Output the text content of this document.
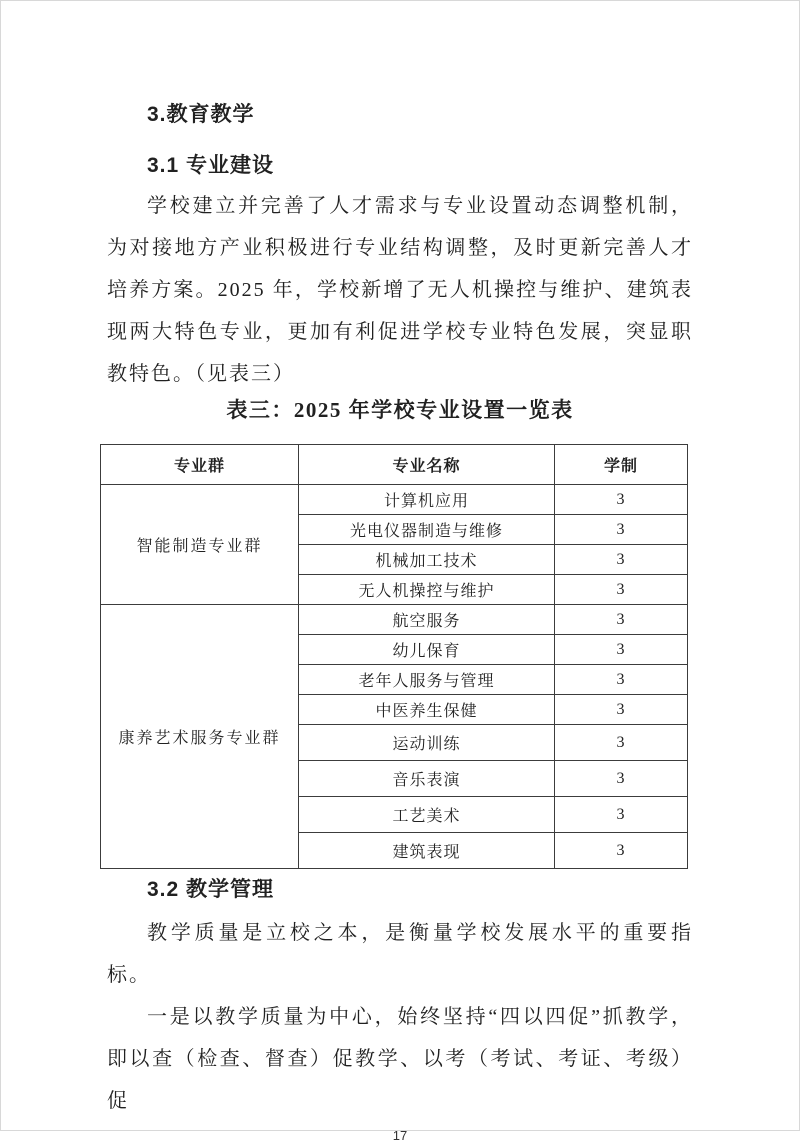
3.教育教学
3.1 专业建设

学校建立并完善了人才需求与专业设置动态调整机制，为对接地方产业积极进行专业结构调整，及时更新完善人才培养方案。2025 年，学校新增了无人机操控与维护、建筑表现两大特色专业，更加有利促进学校专业特色发展，突显职教特色。（见表三）

表三：2025 年学校专业设置一览表
专业群	专业名称	学制
智能制造专业群	计算机应用	3
	光电仪器制造与维修	3
	机械加工技术	3
	无人机操控与维护	3
康养艺术服务专业群	航空服务	3
	幼儿保育	3
	老年人服务与管理	3
	中医养生保健	3
	运动训练	3
	音乐表演	3
	工艺美术	3
	建筑表现	3
3.2 教学管理

教学质量是立校之本，是衡量学校发展水平的重要指标。

一是以教学质量为中心，始终坚持“四以四促”抓教学，即以查（检查、督查）促教学、以考（考试、考证、考级）促

17
